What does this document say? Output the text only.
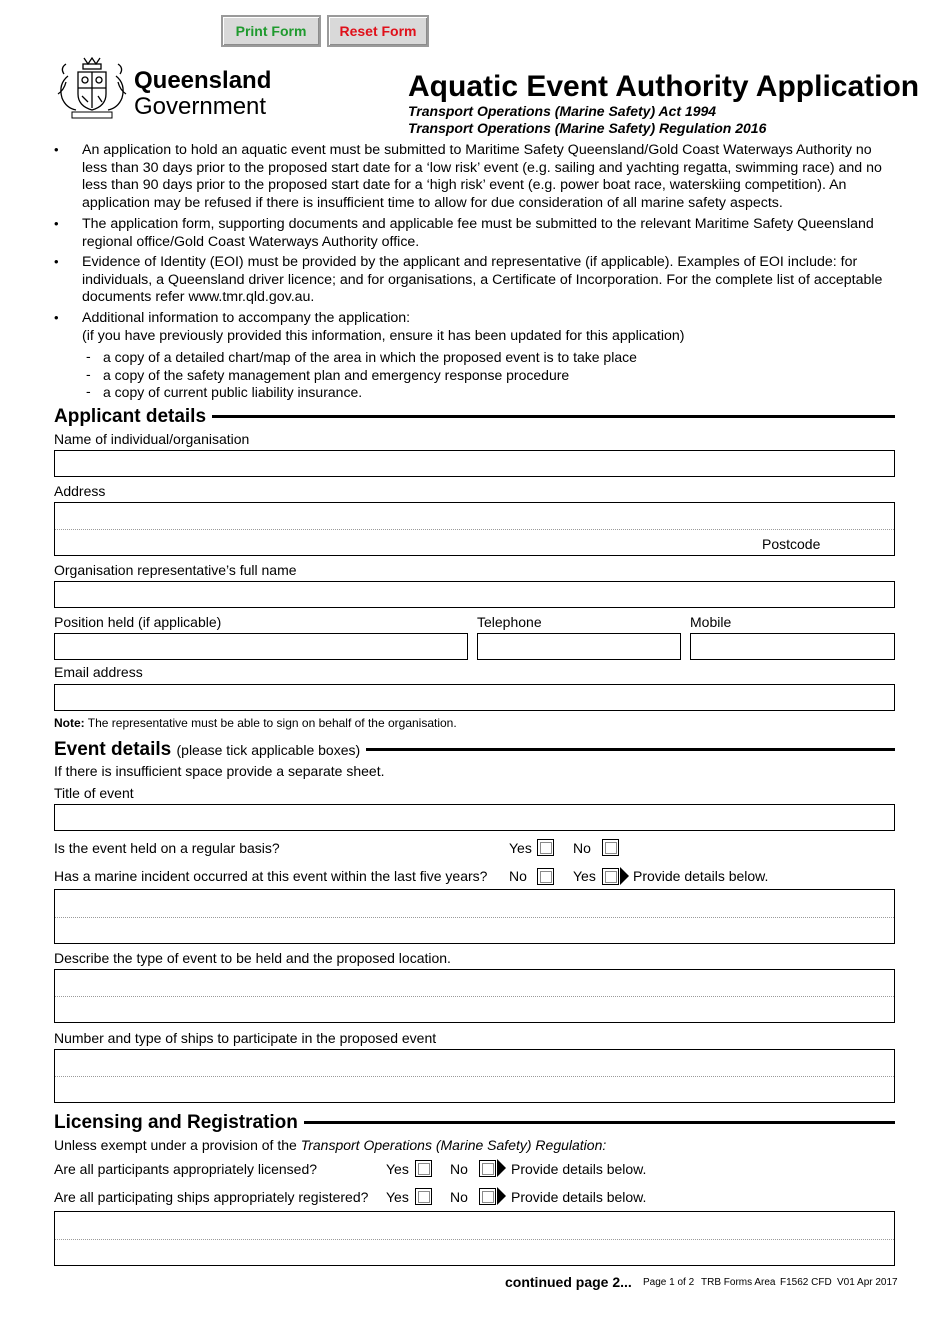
Print Form	Reset Form
Queensland
Government
Aquatic Event Authority Application
Transport Operations (Marine Safety) Act 1994
Transport Operations (Marine Safety) Regulation 2016
• An application to hold an aquatic event must be submitted to Maritime Safety Queensland/Gold Coast Waterways Authority no less than 30 days prior to the proposed start date for a ‘low risk’ event (e.g. sailing and yachting regatta, swimming race) and no less than 90 days prior to the proposed start date for a ‘high risk’ event (e.g. power boat race, waterskiing competition). An application may be refused if there is insufficient time to allow for due consideration of all marine safety aspects.
• The application form, supporting documents and applicable fee must be submitted to the relevant Maritime Safety Queensland regional office/Gold Coast Waterways Authority office.
• Evidence of Identity (EOI) must be provided by the applicant and representative (if applicable). Examples of EOI include: for individuals, a Queensland driver licence; and for organisations, a Certificate of Incorporation. For the complete list of acceptable documents refer www.tmr.qld.gov.au.
• Additional information to accompany the application:
(if you have previously provided this information, ensure it has been updated for this application)
- a copy of a detailed chart/map of the area in which the proposed event is to take place
- a copy of the safety management plan and emergency response procedure
- a copy of current public liability insurance.
Applicant details
Name of individual/organisation
Address
Postcode
Organisation representative’s full name
Position held (if applicable)	Telephone	Mobile
Email address
Note: The representative must be able to sign on behalf of the organisation.
Event details (please tick applicable boxes)
If there is insufficient space provide a separate sheet.
Title of event
Is the event held on a regular basis?	Yes	No
Has a marine incident occurred at this event within the last five years? No	Yes	Provide details below.
Describe the type of event to be held and the proposed location.
Number and type of ships to participate in the proposed event
Licensing and Registration
Unless exempt under a provision of the Transport Operations (Marine Safety) Regulation:
Are all participants appropriately licensed?	Yes	No	Provide details below.
Are all participating ships appropriately registered? Yes	No	Provide details below.
continued page 2... Page 1 of 2 TRB Forms Area F1562 CFD V01 Apr 2017
